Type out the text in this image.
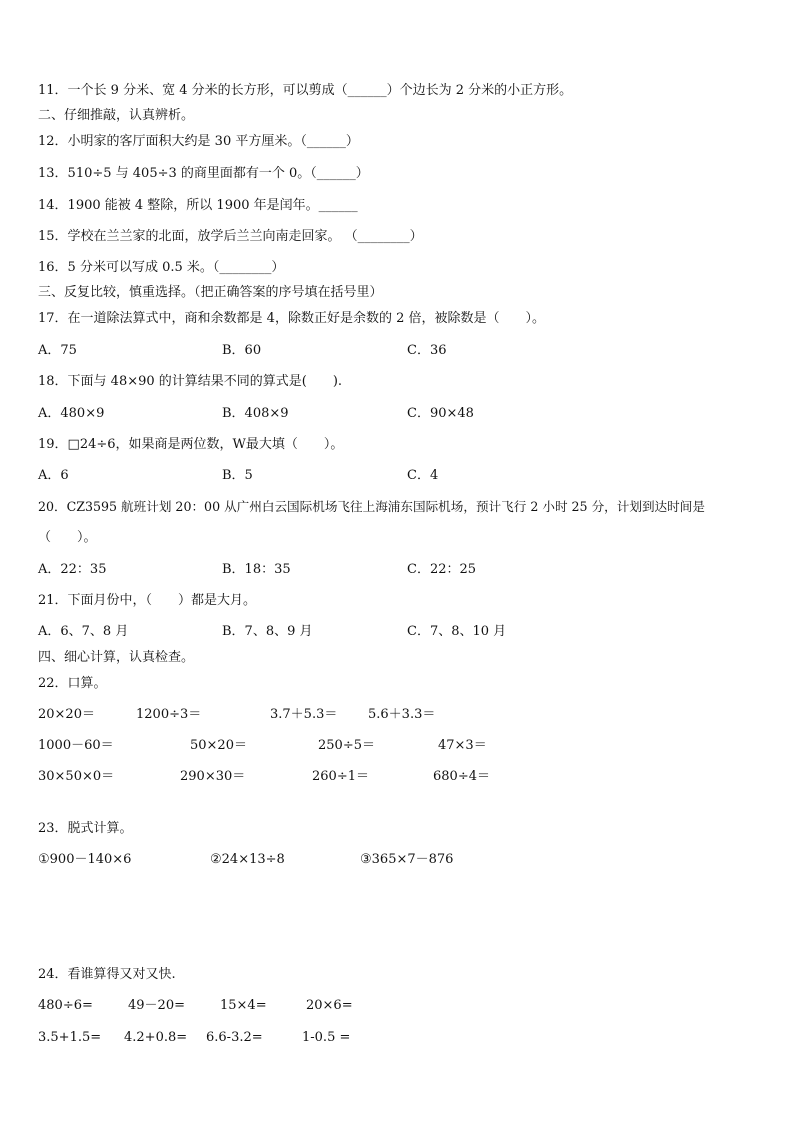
11．一个长 9 分米、宽 4 分米的长方形，可以剪成（______）个边长为 2 分米的小正方形。
二、仔细推敲，认真辨析。
12．小明家的客厅面积大约是 30 平方厘米。（______）
13．510÷5 与 405÷3 的商里面都有一个 0。（______）
14．1900 能被 4 整除，所以 1900 年是闰年。______
15．学校在兰兰家的北面，放学后兰兰向南走回家。 （________）
16．5 分米可以写成 0.5 米。（________）
三、反复比较，慎重选择。（把正确答案的序号填在括号里）
17．在一道除法算式中，商和余数都是 4，除数正好是余数的 2 倍，被除数是（　　）。
A．75	B．60	C．36
18．下面与 48×90 的计算结果不同的算式是(　　).
A．480×9	B．408×9	C．90×48
19．□24÷6，如果商是两位数，W最大填（　　）。
A．6	B．5	C．4
20．CZ3595 航班计划 20：00 从广州白云国际机场飞往上海浦东国际机场，预计飞行 2 小时 25 分，计划到达时间是
（　　）。
A．22：35	B．18：35	C．22：25
21．下面月份中，（　　）都是大月。
A．6、7、8 月	B．7、8、9 月	C．7、8、10 月
四、细心计算，认真检查。
22．口算。
20×20＝	1200÷3＝	3.7＋5.3＝ 5.6＋3.3＝
1000－60＝	50×20＝	250÷5＝	47×3＝
30×50×0＝	290×30＝	260÷1＝	680÷4＝
23．脱式计算。
①900－140×6	②24×13÷8	③365×7－876
24．看谁算得又对又快.
480÷6=	49－20=	15×4=	20×6=
3.5+1.5= 4.2+0.8= 6.6-3.2=	1-0.5 =
